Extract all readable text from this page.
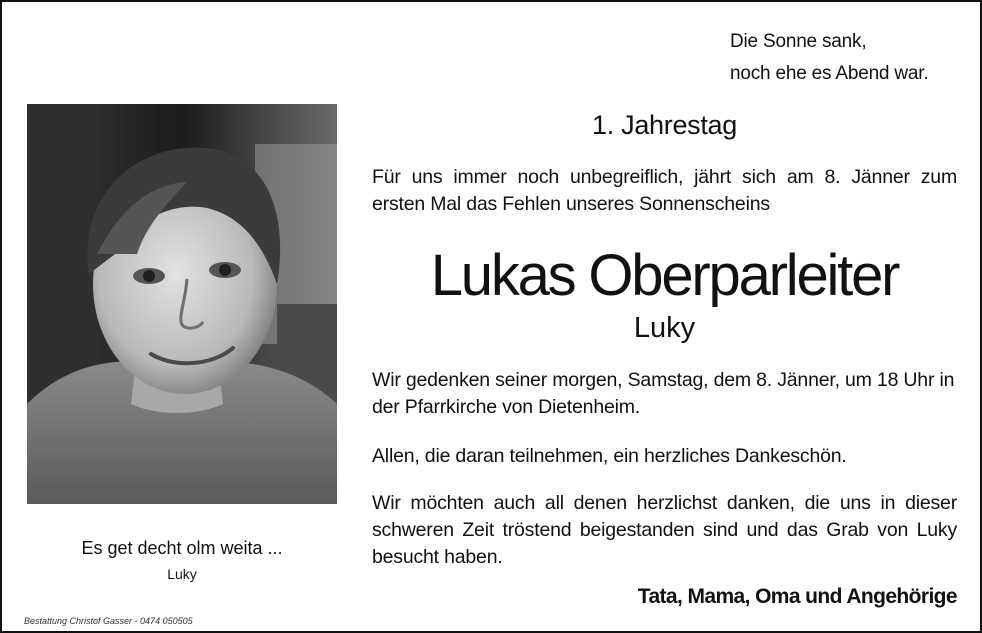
Die Sonne sank,
noch ehe es Abend war.
Es get decht olm weita ...
Luky
Bestattung Christof Gasser - 0474 050505
1. Jahrestag
Für uns immer noch unbegreiflich, jährt sich am 8. Jänner zum ersten Mal das Fehlen unseres Sonnenscheins
Lukas Oberparleiter
Luky
Wir gedenken seiner morgen, Samstag, dem 8. Jänner, um 18 Uhr in der Pfarrkirche von Dietenheim.
Allen, die daran teilnehmen, ein herzliches Dankeschön.
Wir möchten auch all denen herzlichst danken, die uns in dieser schweren Zeit tröstend beigestanden sind und das Grab von Luky besucht haben.
Tata, Mama, Oma und Angehörige
